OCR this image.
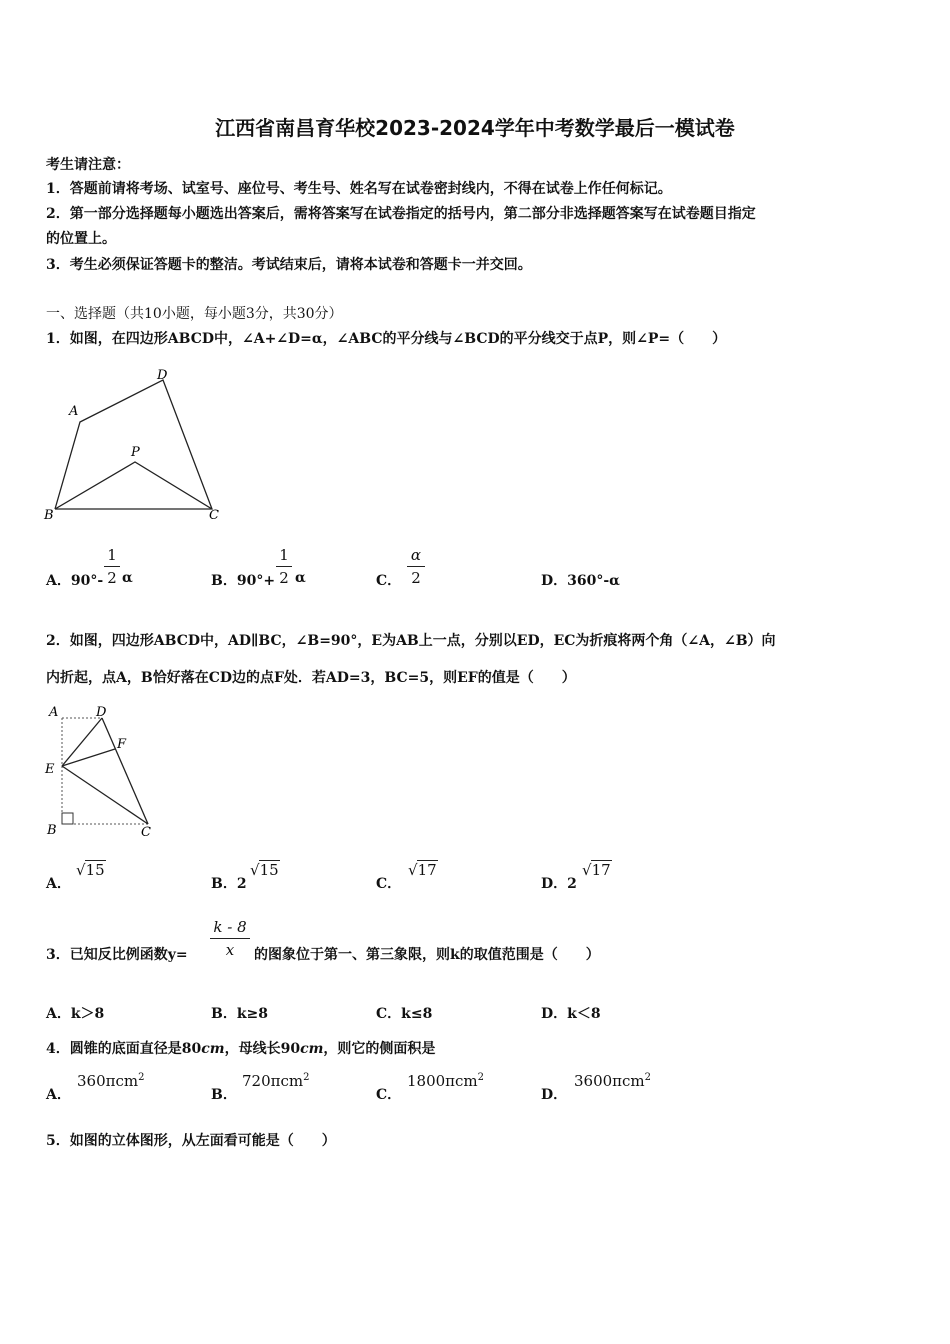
江西省南昌育华校2023-2024学年中考数学最后一模试卷
考生请注意：
1．答题前请将考场、试室号、座位号、考生号、姓名写在试卷密封线内，不得在试卷上作任何标记。
2．第一部分选择题每小题选出答案后，需将答案写在试卷指定的括号内，第二部分非选择题答案写在试卷题目指定
的位置上。
3．考生必须保证答题卡的整洁。考试结束后，请将本试卷和答题卡一并交回。
一、选择题（共10小题，每小题3分，共30分）
1．如图，在四边形ABCD中，∠A+∠D=α，∠ABC的平分线与∠BCD的平分线交于点P，则∠P=（　　）
A
D
P
B	C
A．90°-
1
2 α	B．90°+
1
2 α	C．
α
2	D．360°-α
2．如图，四边形ABCD中，AD∥BC，∠B=90°，E为AB上一点，分别以ED，EC为折痕将两个角（∠A，∠B）向
内折起，点A，B恰好落在CD边的点F处．若AD=3，BC=5，则EF的值是（　　）
A	D
F
E
B	C
A．
√15
B．2
√15
C．
√17
D．2
√17
3．已知反比例函数y=
k - 8
x	的图象位于第一、第三象限，则k的取值范围是（　　）
A．k＞8	B．k≥8	C．k≤8	D．k＜8
4．圆锥的底面直径是80cm，母线长90cm，则它的侧面积是
A．
360πcm$^2$
B．
720πcm$^2$
C．
1800πcm$^2$
D．
3600πcm$^2$
5．如图的立体图形，从左面看可能是（　　）
